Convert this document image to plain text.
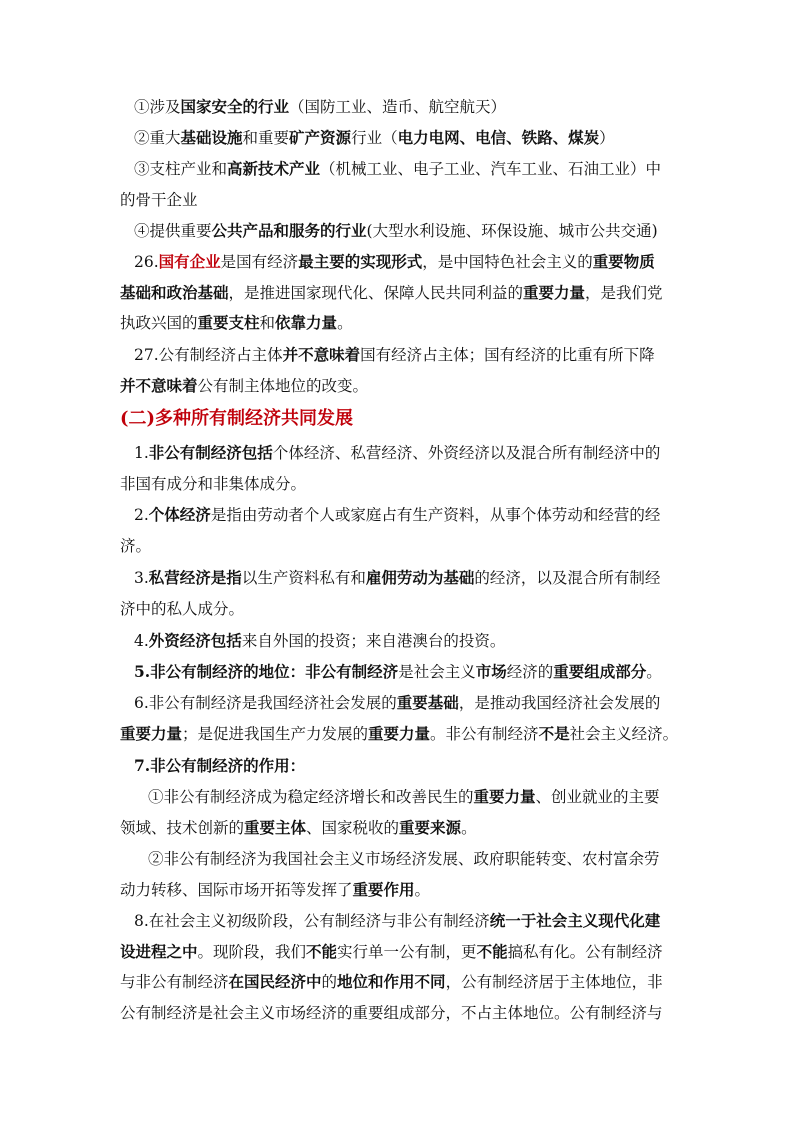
①涉及国家安全的行业（国防工业、造币、航空航天）

②重大基础设施和重要矿产资源行业（电力电网、电信、铁路、煤炭）

③支柱产业和高新技术产业（机械工业、电子工业、汽车工业、石油工业）中
的骨干企业

④提供重要公共产品和服务的行业(大型水利设施、环保设施、城市公共交通)

26.国有企业是国有经济最主要的实现形式，是中国特色社会主义的重要物质
基础和政治基础，是推进国家现代化、保障人民共同利益的重要力量，是我们党
执政兴国的重要支柱和依靠力量。

27.公有制经济占主体并不意味着国有经济占主体；国有经济的比重有所下降
并不意味着公有制主体地位的改变。

(二)多种所有制经济共同发展

1.非公有制经济包括个体经济、私营经济、外资经济以及混合所有制经济中的
非国有成分和非集体成分。

2.个体经济是指由劳动者个人或家庭占有生产资料，从事个体劳动和经营的经
济。

3.私营经济是指以生产资料私有和雇佣劳动为基础的经济，以及混合所有制经
济中的私人成分。

4.外资经济包括来自外国的投资；来自港澳台的投资。

5.非公有制经济的地位：非公有制经济是社会主义市场经济的重要组成部分。

6.非公有制经济是我国经济社会发展的重要基础，是推动我国经济社会发展的
重要力量；是促进我国生产力发展的重要力量。非公有制经济不是社会主义经济。

7.非公有制经济的作用：

①非公有制经济成为稳定经济增长和改善民生的重要力量、创业就业的主要
领域、技术创新的重要主体、国家税收的重要来源。

②非公有制经济为我国社会主义市场经济发展、政府职能转变、农村富余劳
动力转移、国际市场开拓等发挥了重要作用。

8.在社会主义初级阶段，公有制经济与非公有制经济统一于社会主义现代化建
设进程之中。现阶段，我们不能实行单一公有制，更不能搞私有化。公有制经济
与非公有制经济在国民经济中的地位和作用不同，公有制经济居于主体地位，非
公有制经济是社会主义市场经济的重要组成部分，不占主体地位。公有制经济与
